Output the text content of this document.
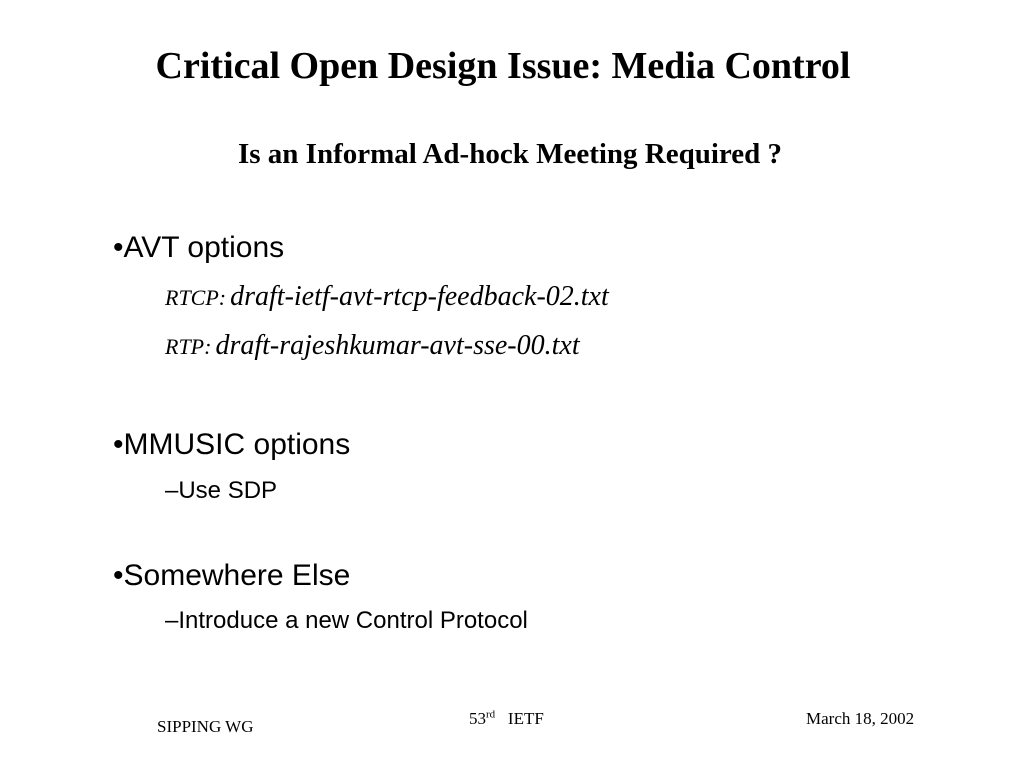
Critical Open Design Issue: Media Control
Is an Informal Ad-hock Meeting Required ?
•AVT options
RTCP: draft-ietf-avt-rtcp-feedback-02.txt
RTP: draft-rajeshkumar-avt-sse-00.txt
•MMUSIC options
–Use SDP
•Somewhere Else
–Introduce a new Control Protocol
SIPPING WG	53rd IETF	March 18, 2002
